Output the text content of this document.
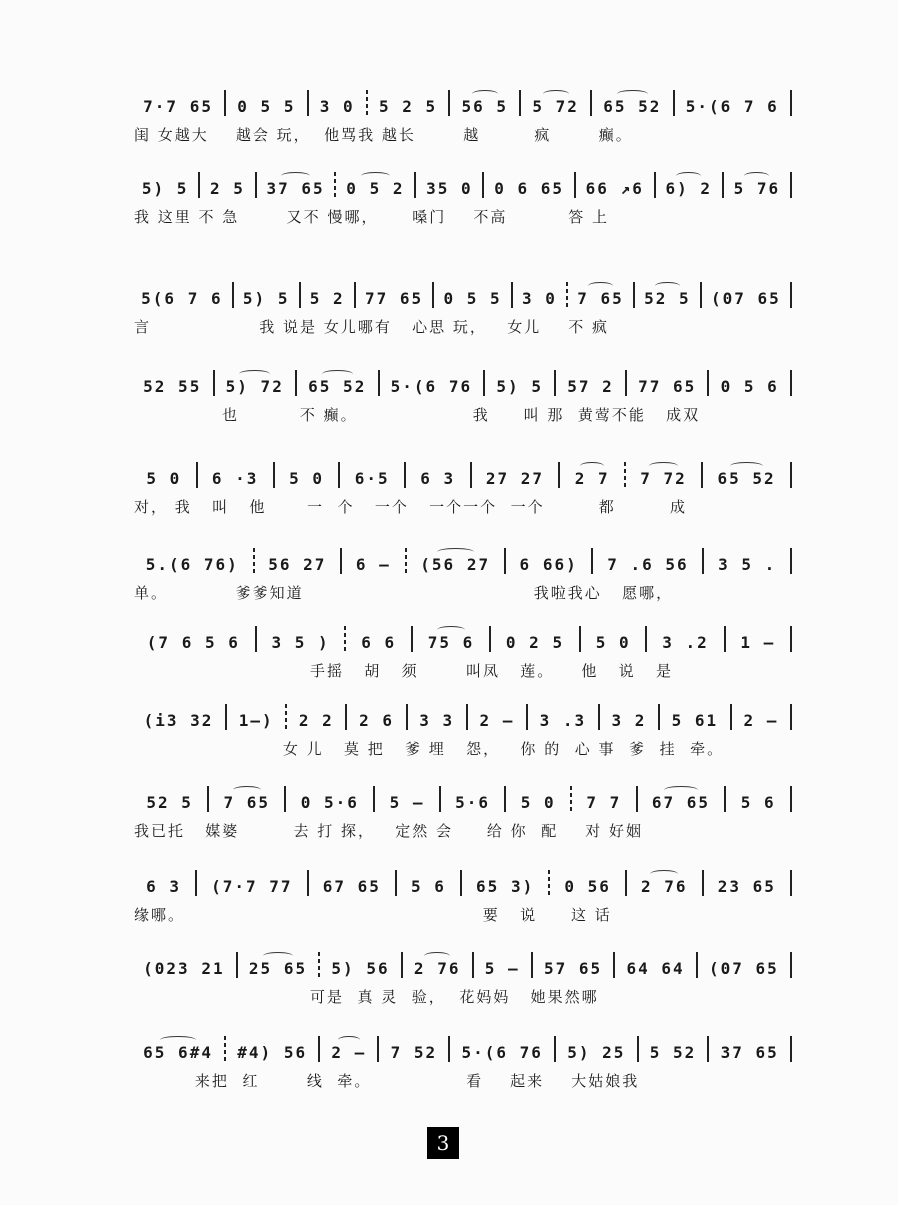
7·7 65 0 5 5 3 0 5 2 5 56 5 5 72 65 52 5·(6 7 6
闺 女越大    越会 玩，  他骂我 越长       越        疯       癫。
5) 5 2 5 37 65 0 5 2 35 0 0 6 65 66 ↗6 6) 2 5 76
我 这里 不 急       又不 慢哪，     嗓门    不高         答 上
5(6 7 6 5) 5 5 2 77 65 0 5 5 3 0 7 65 52 5 (07 65
言                我 说是 女儿哪有   心思 玩，   女儿    不 疯
52 55 5) 72 65 52 5·(6 76 5) 5 57 2 77 65 0 5 6
也         不 癫。                 我     叫 那  黄莺不能   成双
5 0 6 ·3 5 0 6·5 6 3 27 27 2 7 7 72 65 52
对， 我   叫   他      一  个   一个   一个一个  一个        都        成
5.(6 76) 56 27 6 — (56 27 6 66) 7 .6 56 3 5 .
单。          爹爹知道                                  我啦我心   愿哪，
(7 6 5 6 3 5 ) 6 6 75 6 0 2 5 5 0 3 .2 1 —
手摇   胡   须       叫凤   莲。    他   说   是
(i3 32 1—) 2 2 2 6 3 3 2 — 3 .3 3 2 5 61 2 —
女 儿   莫 把   爹 埋   怨，   你 的  心 事  爹  挂  牵。
52 5 7 65 0 5·6 5 — 5·6 5 0 7 7 67 65 5 6
我已托   媒婆        去 打 探，   定然 会     给 你  配    对 好姻
6 3 (7·7 77 67 65 5 6 65 3) 0 56 2 76 23 65
缘哪。                                            要   说     这 话
(023 21 25 65 5) 56 2 76 5 — 57 65 64 64 (07 65
可是  真 灵  验，  花妈妈   她果然哪
65 6#4 #4) 56 2 — 7 52 5·(6 76 5) 25 5 52 37 65
来把  红       线  牵。              看    起来    大姑娘我
3
